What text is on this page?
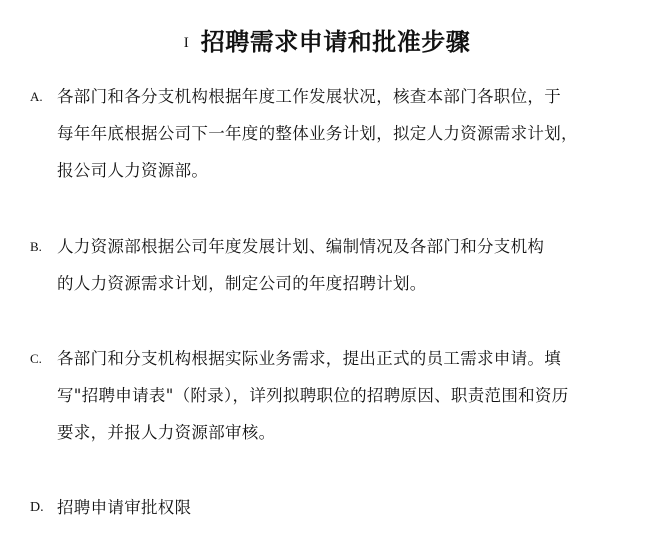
I 招聘需求申请和批准步骤
A. 各部门和各分支机构根据年度工作发展状况，核查本部门各职位，于
每年年底根据公司下一年度的整体业务计划，拟定人力资源需求计划，
报公司人力资源部。
B. 人力资源部根据公司年度发展计划、编制情况及各部门和分支机构
的人力资源需求计划，制定公司的年度招聘计划。
C. 各部门和分支机构根据实际业务需求，提出正式的员工需求申请。填
写"招聘申请表"（附录），详列拟聘职位的招聘原因、职责范围和资历
要求，并报人力资源部审核。
D. 招聘申请审批权限
